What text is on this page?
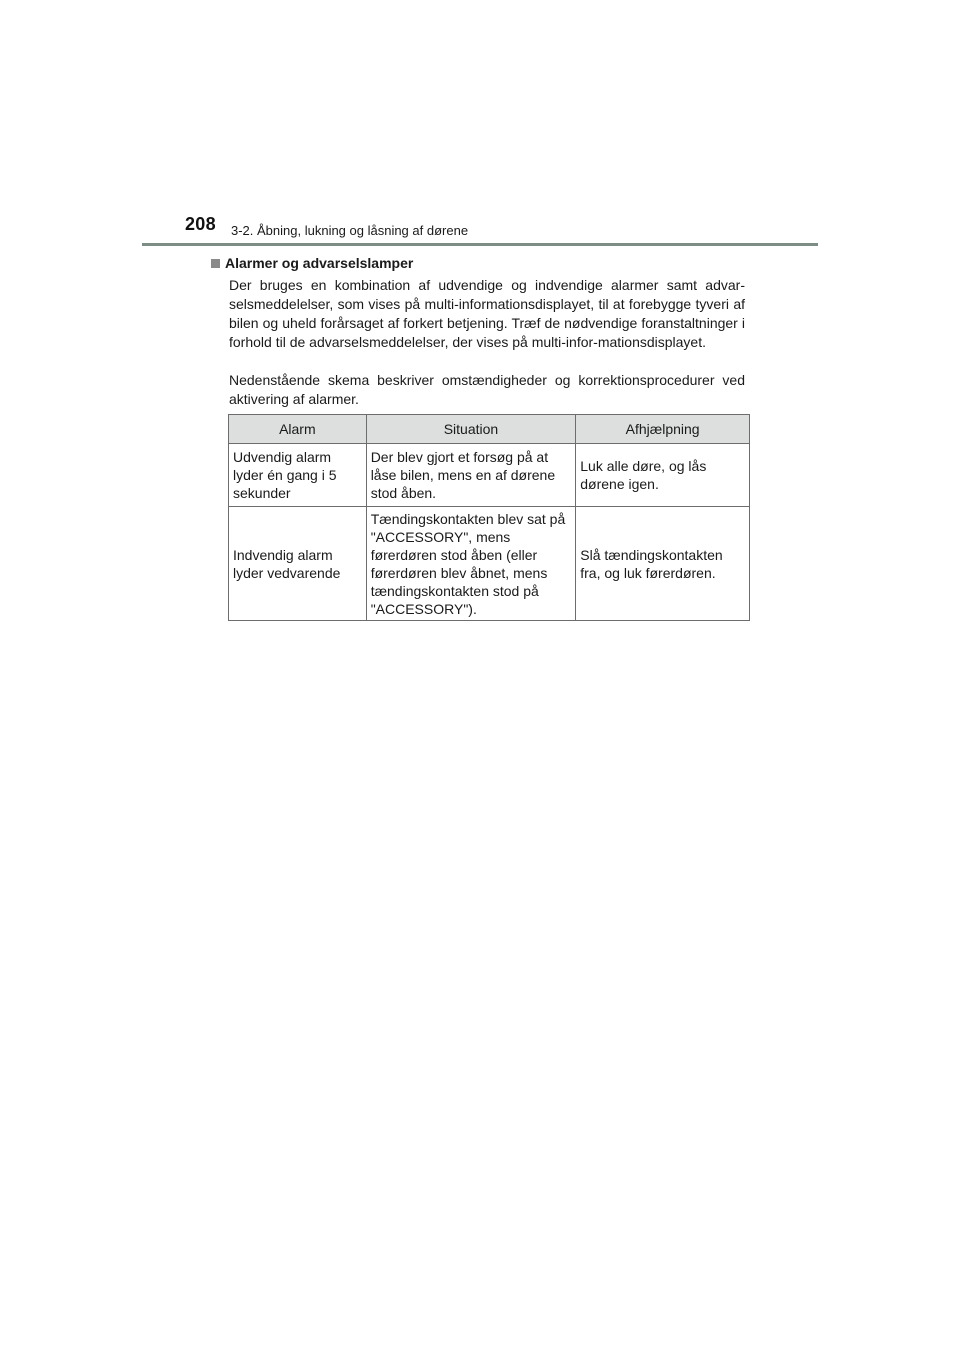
208 3-2. Åbning, lukning og låsning af dørene
Alarmer og advarselslamper
Der bruges en kombination af udvendige og indvendige alarmer samt advar-selsmeddelelser, som vises på multi-informationsdisplayet, til at forebygge tyveri af bilen og uheld forårsaget af forkert betjening. Træf de nødvendige foranstaltninger i forhold til de advarselsmeddelelser, der vises på multi-infor-mationsdisplayet.
Nedenstående skema beskriver omstændigheder og korrektionsprocedurer ved aktivering af alarmer.
Alarm	Situation	Afhjælpning
Udvendig alarm lyder én gang i 5 sekunder	Der blev gjort et forsøg på at låse bilen, mens en af dørene stod åben.	Luk alle døre, og lås dørene igen.
Indvendig alarm lyder vedvarende	Tændingskontakten blev sat på "ACCESSORY", mens førerdøren stod åben (eller førerdøren blev åbnet, mens tændingskontakten stod på "ACCESSORY").	Slå tændingskontakten fra, og luk førerdøren.
